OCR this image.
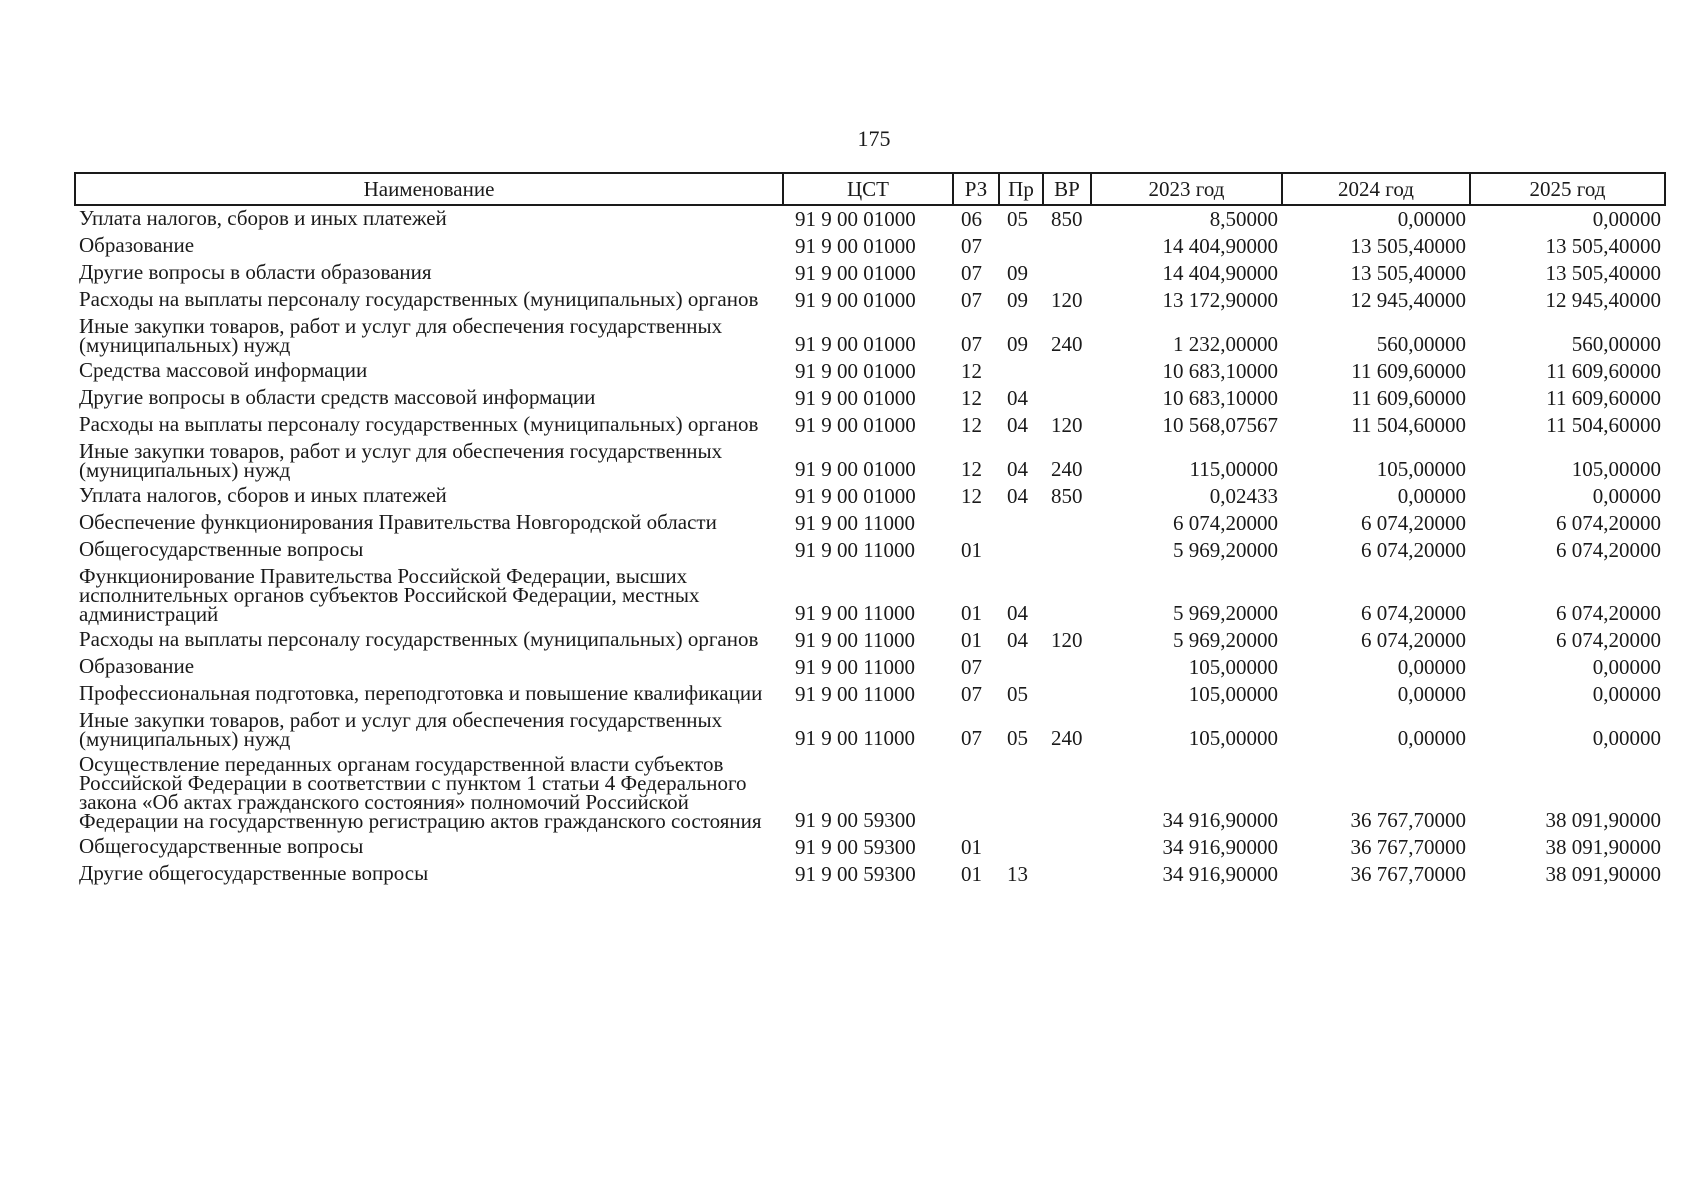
175
Наименование	ЦСТ	РЗ	Пр	ВР	2023 год	2024 год	2025 год
Уплата налогов, сборов и иных платежей	91 9 00 01000	06	05	850	8,50000	0,00000	0,00000
Образование	91 9 00 01000	07			14 404,90000	13 505,40000	13 505,40000
Другие вопросы в области образования	91 9 00 01000	07	09		14 404,90000	13 505,40000	13 505,40000
Расходы на выплаты персоналу государственных (муниципальных) органов	91 9 00 01000	07	09	120	13 172,90000	12 945,40000	12 945,40000
Иные закупки товаров, работ и услуг для обеспечения государственных (муниципальных) нужд	91 9 00 01000	07	09	240	1 232,00000	560,00000	560,00000
Средства массовой информации	91 9 00 01000	12			10 683,10000	11 609,60000	11 609,60000
Другие вопросы в области средств массовой информации	91 9 00 01000	12	04		10 683,10000	11 609,60000	11 609,60000
Расходы на выплаты персоналу государственных (муниципальных) органов	91 9 00 01000	12	04	120	10 568,07567	11 504,60000	11 504,60000
Иные закупки товаров, работ и услуг для обеспечения государственных (муниципальных) нужд	91 9 00 01000	12	04	240	115,00000	105,00000	105,00000
Уплата налогов, сборов и иных платежей	91 9 00 01000	12	04	850	0,02433	0,00000	0,00000
Обеспечение функционирования Правительства Новгородской области	91 9 00 11000				6 074,20000	6 074,20000	6 074,20000
Общегосударственные вопросы	91 9 00 11000	01			5 969,20000	6 074,20000	6 074,20000
Функционирование Правительства Российской Федерации, высших исполнительных органов субъектов Российской Федерации, местных администраций	91 9 00 11000	01	04		5 969,20000	6 074,20000	6 074,20000
Расходы на выплаты персоналу государственных (муниципальных) органов	91 9 00 11000	01	04	120	5 969,20000	6 074,20000	6 074,20000
Образование	91 9 00 11000	07			105,00000	0,00000	0,00000
Профессиональная подготовка, переподготовка и повышение квалификации	91 9 00 11000	07	05		105,00000	0,00000	0,00000
Иные закупки товаров, работ и услуг для обеспечения государственных (муниципальных) нужд	91 9 00 11000	07	05	240	105,00000	0,00000	0,00000
Осуществление переданных органам государственной власти субъектов Российской Федерации в соответствии с пунктом 1 статьи 4 Федерального закона «Об актах гражданского состояния» полномочий Российской Федерации на государственную регистрацию актов гражданского состояния	91 9 00 59300				34 916,90000	36 767,70000	38 091,90000
Общегосударственные вопросы	91 9 00 59300	01			34 916,90000	36 767,70000	38 091,90000
Другие общегосударственные вопросы	91 9 00 59300	01	13		34 916,90000	36 767,70000	38 091,90000
